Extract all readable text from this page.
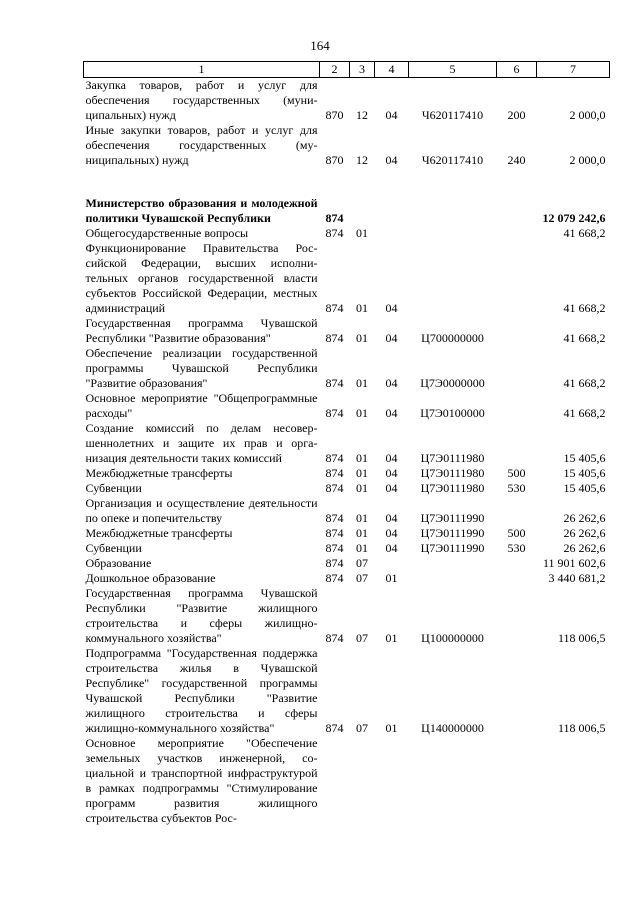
164
1	2	3	4	5	6	7
Закупка товаров, работ и услуг для обеспечения государственных (муниципальных) нужд	870	12	04	Ч620117410	200	2 000,0
Иные закупки товаров, работ и услуг для обеспечения государственных (муниципальных) нужд	870	12	04	Ч620117410	240	2 000,0

Министерство образования и молодежной политики Чувашской Республики	874					12 079 242,6
Общегосударственные вопросы	874	01				41 668,2
Функционирование Правительства Российской Федерации, высших исполнительных органов государственной власти субъектов Российской Федерации, местных администраций	874	01	04			41 668,2
Государственная программа Чувашской Республики "Развитие образования"	874	01	04	Ц700000000		41 668,2
Обеспечение реализации государственной программы Чувашской Республики "Развитие образования"	874	01	04	Ц7Э0000000		41 668,2
Основное мероприятие "Общепрограммные расходы"	874	01	04	Ц7Э0100000		41 668,2
Создание комиссий по делам несовершеннолетних и защите их прав и организация деятельности таких комиссий	874	01	04	Ц7Э0111980		15 405,6
Межбюджетные трансферты	874	01	04	Ц7Э0111980	500	15 405,6
Субвенции	874	01	04	Ц7Э0111980	530	15 405,6
Организация и осуществление деятельности по опеке и попечительству	874	01	04	Ц7Э0111990		26 262,6
Межбюджетные трансферты	874	01	04	Ц7Э0111990	500	26 262,6
Субвенции	874	01	04	Ц7Э0111990	530	26 262,6
Образование	874	07				11 901 602,6
Дошкольное образование	874	07	01			3 440 681,2
Государственная программа Чувашской Республики "Развитие жилищного строительства и сферы жилищно-коммунального хозяйства"	874	07	01	Ц100000000		118 006,5
Подпрограмма "Государственная поддержка строительства жилья в Чувашской Республике" государственной программы Чувашской Республики "Развитие жилищного строительства и сферы жилищно-коммунального хозяйства"	874	07	01	Ц140000000		118 006,5
Основное мероприятие "Обеспечение земельных участков инженерной, социальной и транспортной инфраструктурой в рамках подпрограммы "Стимулирование программ развития жилищного строительства субъектов Рос-						
